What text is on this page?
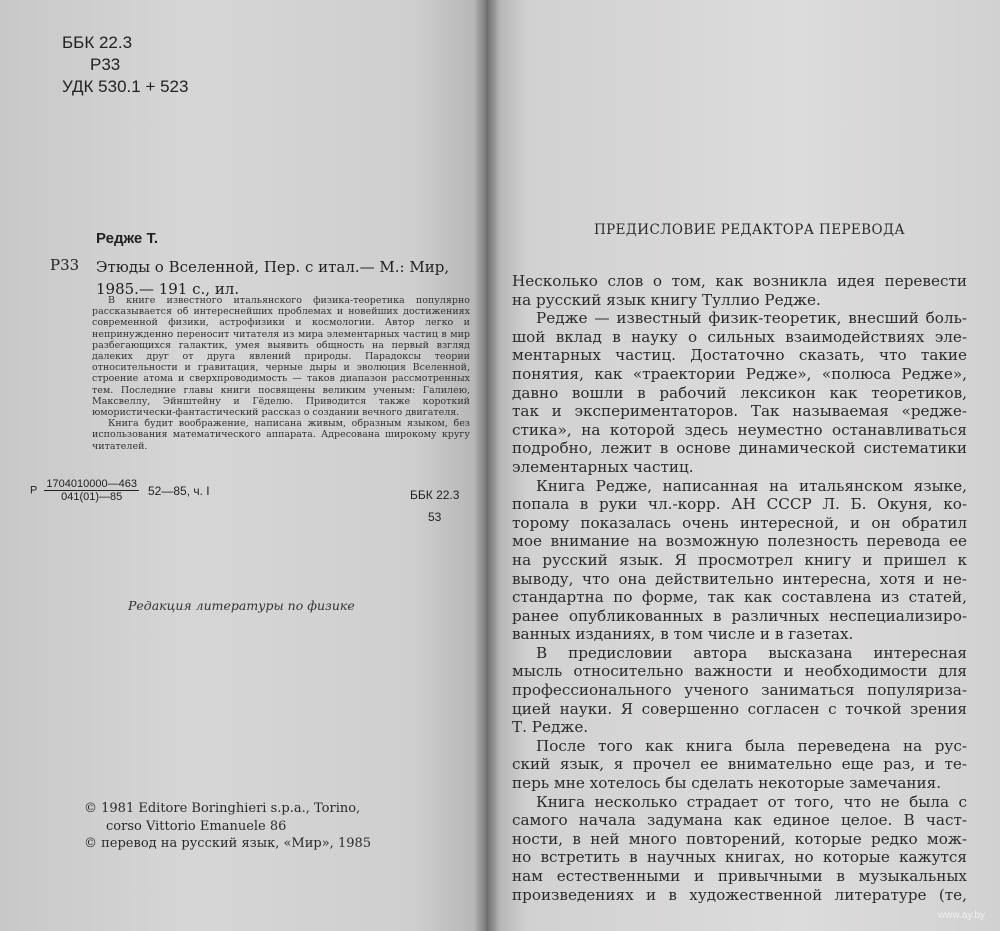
ББК 22.3
Р33
УДК 530.1 + 523
Редже Т.
Р33 Этюды о Вселенной, Пер. с итал.— М.: Мир,
1985.— 191 с., ил.

В книге известного итальянского физика-теоретика популярно рассказывается об интереснейших проблемах и новейших достижениях современной физики, астрофизики и космологии. Автор легко и непринужденно переносит читателя из мира элементарных частиц в мир разбегающихся галактик, умея выявить общность на первый взгляд далеких друг от друга явлений природы. Парадоксы теории относительности и гравитация, черные дыры и эволюция Вселенной, строение атома и сверхпроводимость — таков диапазон рассмотренных тем. Последние главы книги посвящены великим ученым: Галилею, Максвеллу, Эйнштейну и Гёделю. Приводится также короткий юмористически-фантастический рассказ о создании вечного двигателя.

Книга будит воображение, написана живым, образным языком, без использования математического аппарата. Адресована широкому кругу читателей.

Р $\frac{1704010000—463}{041(01)—85}$ 52—85, ч. I	ББК 22.3
53
Редакция литературы по физике
© 1981 Editore Boringhieri s.p.a., Torino,
corso Vittorio Emanuele 86
© перевод на русский язык, «Мир», 1985
ПРЕДИСЛОВИЕ РЕДАКТОРА ПЕРЕВОДА
Несколько слов о том, как возникла идея перевести
на русский язык книгу Туллио Редже.
Редже — известный физик-теоретик, внесший боль-
шой вклад в науку о сильных взаимодействиях эле-
ментарных частиц. Достаточно сказать, что такие
понятия, как «траектории Редже», «полюса Редже»,
давно вошли в рабочий лексикон как теоретиков,
так и экспериментаторов. Так называемая «редже-
стика», на которой здесь неуместно останавливаться
подробно, лежит в основе динамической систематики
элементарных частиц.
Книга Редже, написанная на итальянском языке,
попала в руки чл.-корр. АН СССР Л. Б. Окуня, ко-
торому показалась очень интересной, и он обратил
мое внимание на возможную полезность перевода ее
на русский язык. Я просмотрел книгу и пришел к
выводу, что она действительно интересна, хотя и не-
стандартна по форме, так как составлена из статей,
ранее опубликованных в различных неспециализиро-
ванных изданиях, в том числе и в газетах.
В предисловии автора высказана интересная
мысль относительно важности и необходимости для
профессионального ученого заниматься популяриза-
цией науки. Я совершенно согласен с точкой зрения
Т. Редже.
После того как книга была переведена на рус-
ский язык, я прочел ее внимательно еще раз, и те-
перь мне хотелось бы сделать некоторые замечания.
Книга несколько страдает от того, что не была с
самого начала задумана как единое целое. В част-
ности, в ней много повторений, которые редко мож-
но встретить в научных книгах, но которые кажутся
нам естественными и привычными в музыкальных
произведениях и в художественной литературе (те,
www.ay.by
